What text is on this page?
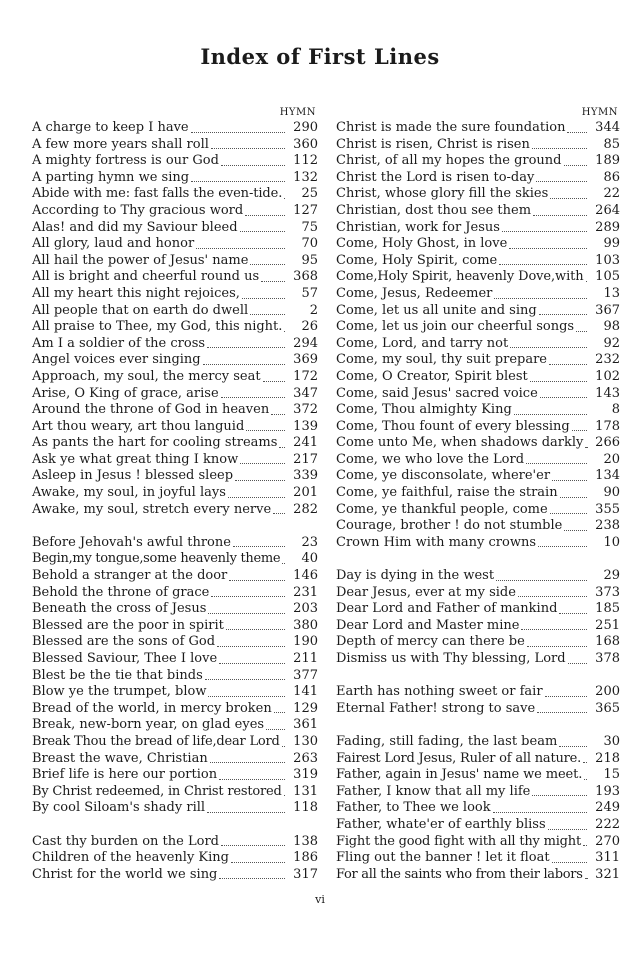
Index of First Lines
HYMN
A charge to keep I have	290
A few more years shall roll	360
A mighty fortress is our God	112
A parting hymn we sing	132
Abide with me: fast falls the even-tide.	25
According to Thy gracious word	127
Alas! and did my Saviour bleed	75
All glory, laud and honor	70
All hail the power of Jesus' name	95
All is bright and cheerful round us	368
All my heart this night rejoices,	57
All people that on earth do dwell	2
All praise to Thee, my God, this night.	26
Am I a soldier of the cross	294
Angel voices ever singing	369
Approach, my soul, the mercy seat	172
Arise, O King of grace, arise	347
Around the throne of God in heaven	372
Art thou weary, art thou languid	139
As pants the hart for cooling streams	241
Ask ye what great thing I know	217
Asleep in Jesus ! blessed sleep	339
Awake, my soul, in joyful lays	201
Awake, my soul, stretch every nerve	282
Before Jehovah's awful throne	23
Begin,my tongue,some heavenly theme	40
Behold a stranger at the door	146
Behold the throne of grace	231
Beneath the cross of Jesus	203
Blessed are the poor in spirit	380
Blessed are the sons of God	190
Blessed Saviour, Thee I love	211
Blest be the tie that binds	377
Blow ye the trumpet, blow	141
Bread of the world, in mercy broken	129
Break, new-born year, on glad eyes	361
Break Thou the bread of life,dear Lord	130
Breast the wave, Christian	263
Brief life is here our portion	319
By Christ redeemed, in Christ restored 131
By cool Siloam's shady rill	118
Cast thy burden on the Lord	138
Children of the heavenly King	186
Christ for the world we sing	317
HYMN
Christ is made the sure foundation	344
Christ is risen, Christ is risen	85
Christ, of all my hopes the ground	189
Christ the Lord is risen to-day	86
Christ, whose glory fill the skies	22
Christian, dost thou see them	264
Christian, work for Jesus	289
Come, Holy Ghost, in love	99
Come, Holy Spirit, come	103
Come,Holy Spirit, heavenly Dove,with 105
Come, Jesus, Redeemer	13
Come, let us all unite and sing	367
Come, let us join our cheerful songs	98
Come, Lord, and tarry not	92
Come, my soul, thy suit prepare	232
Come, O Creator, Spirit blest	102
Come, said Jesus' sacred voice	143
Come, Thou almighty King	8
Come, Thou fount of every blessing	178
Come unto Me, when shadows darkly 266
Come, we who love the Lord	20
Come, ye disconsolate, where'er	134
Come, ye faithful, raise the strain	90
Come, ye thankful people, come	355
Courage, brother ! do not stumble	238
Crown Him with many crowns	10
Day is dying in the west	29
Dear Jesus, ever at my side	373
Dear Lord and Father of mankind	185
Dear Lord and Master mine	251
Depth of mercy can there be	168
Dismiss us with Thy blessing, Lord	378
Earth has nothing sweet or fair	200
Eternal Father! strong to save	365
Fading, still fading, the last beam	30
Fairest Lord Jesus, Ruler of all nature.	218
Father, again in Jesus' name we meet.	15
Father, I know that all my life	193
Father, to Thee we look	249
Father, whate'er of earthly bliss	222
Fight the good fight with all thy might	270
Fling out the banner ! let it float	311
For all the saints who from their labors 321
vi
